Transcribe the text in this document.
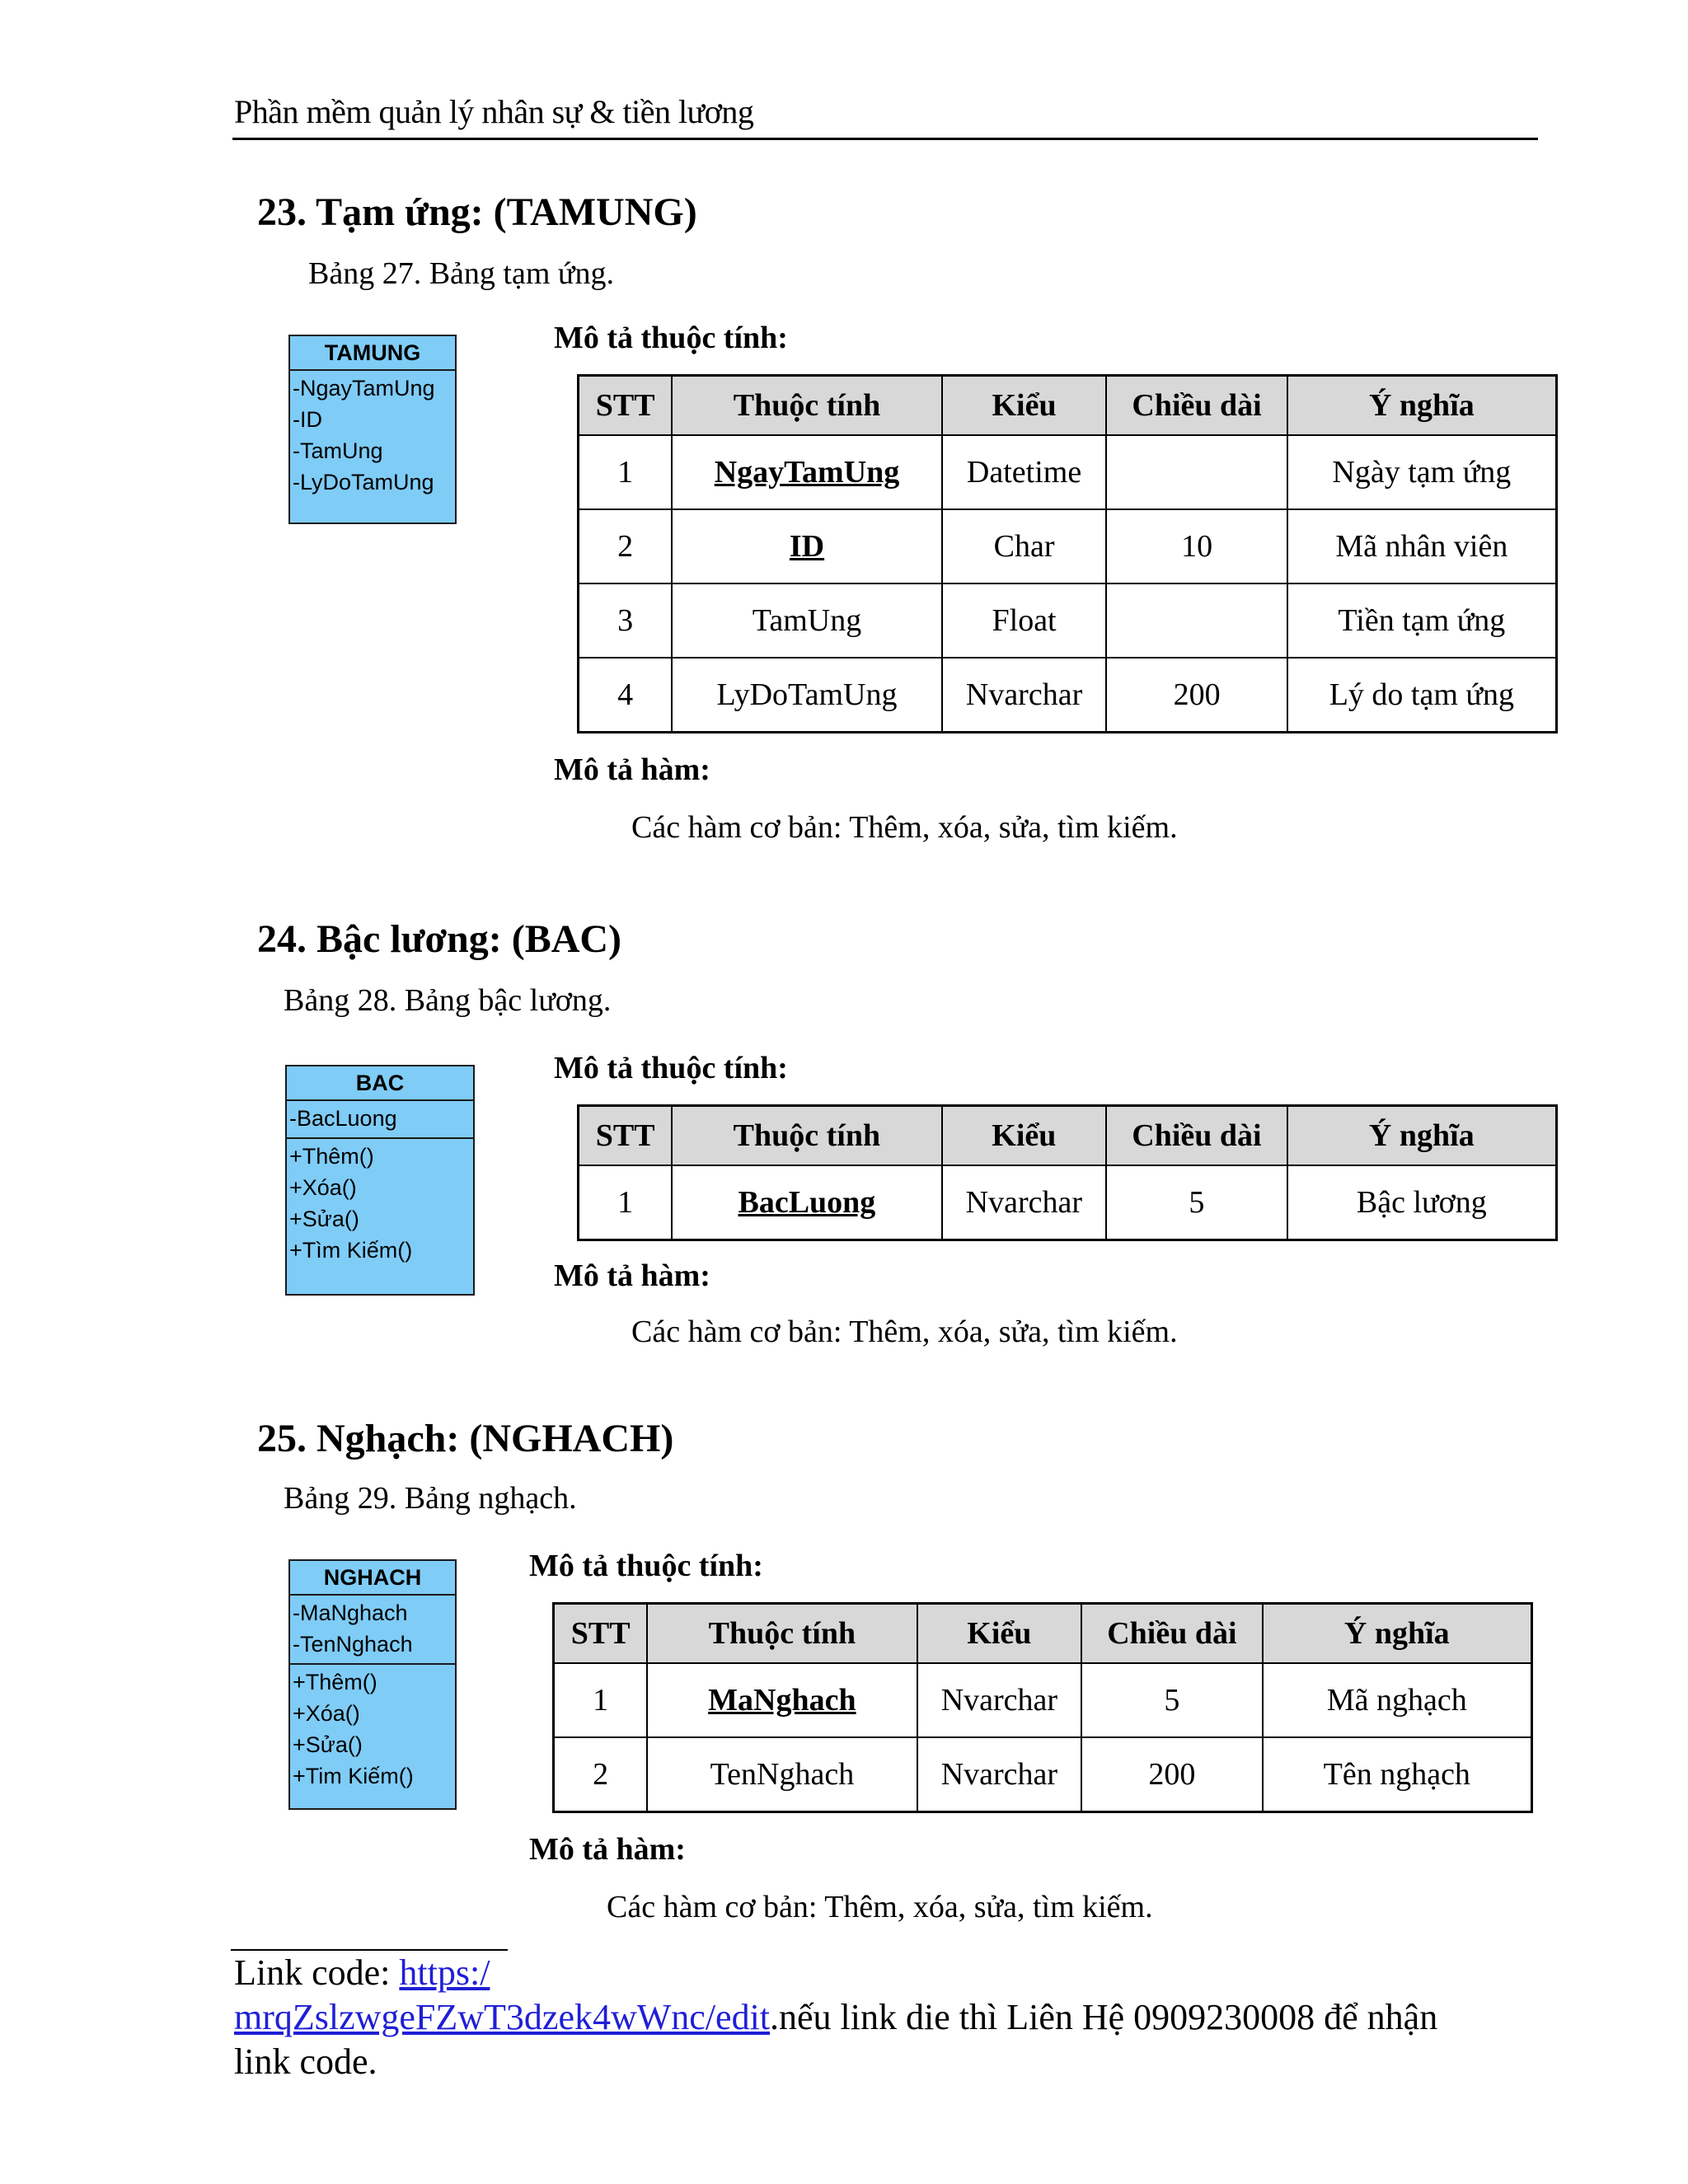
Phần mềm quản lý nhân sự & tiền lương
23. Tạm ứng: (TAMUNG)
Bảng 27. Bảng tạm ứng.
TAMUNG
-NgayTamUng
-ID
-TamUng
-LyDoTamUng
Mô tả thuộc tính:
STT	Thuộc tính	Kiểu	Chiều dài	Ý nghĩa
1	NgayTamUng	Datetime		Ngày tạm ứng
2	ID	Char	10	Mã nhân viên
3	TamUng	Float		Tiền tạm ứng
4	LyDoTamUng	Nvarchar	200	Lý do tạm ứng
Mô tả hàm:
Các hàm cơ bản: Thêm, xóa, sửa, tìm kiếm.
24. Bậc lương: (BAC)
Bảng 28. Bảng bậc lương.
BAC
-BacLuong
+Thêm()
+Xóa()
+Sửa()
+Tìm Kiếm()
Mô tả thuộc tính:
STT	Thuộc tính	Kiểu	Chiều dài	Ý nghĩa
1	BacLuong	Nvarchar	5	Bậc lương
Mô tả hàm:
Các hàm cơ bản: Thêm, xóa, sửa, tìm kiếm.
25. Nghạch: (NGHACH)
Bảng 29. Bảng nghạch.
NGHACH
-MaNghach
-TenNghach
+Thêm()
+Xóa()
+Sửa()
+Tim Kiếm()
Mô tả thuộc tính:
STT	Thuộc tính	Kiểu	Chiều dài	Ý nghĩa
1	MaNghach	Nvarchar	5	Mã nghạch
2	TenNghach	Nvarchar	200	Tên nghạch
Mô tả hàm:
Các hàm cơ bản: Thêm, xóa, sửa, tìm kiếm.
Link code: https:/
mrqZslzwgeFZwT3dzek4wWnc/edit.nếu link die thì Liên Hệ 0909230008 để nhận
link code.
